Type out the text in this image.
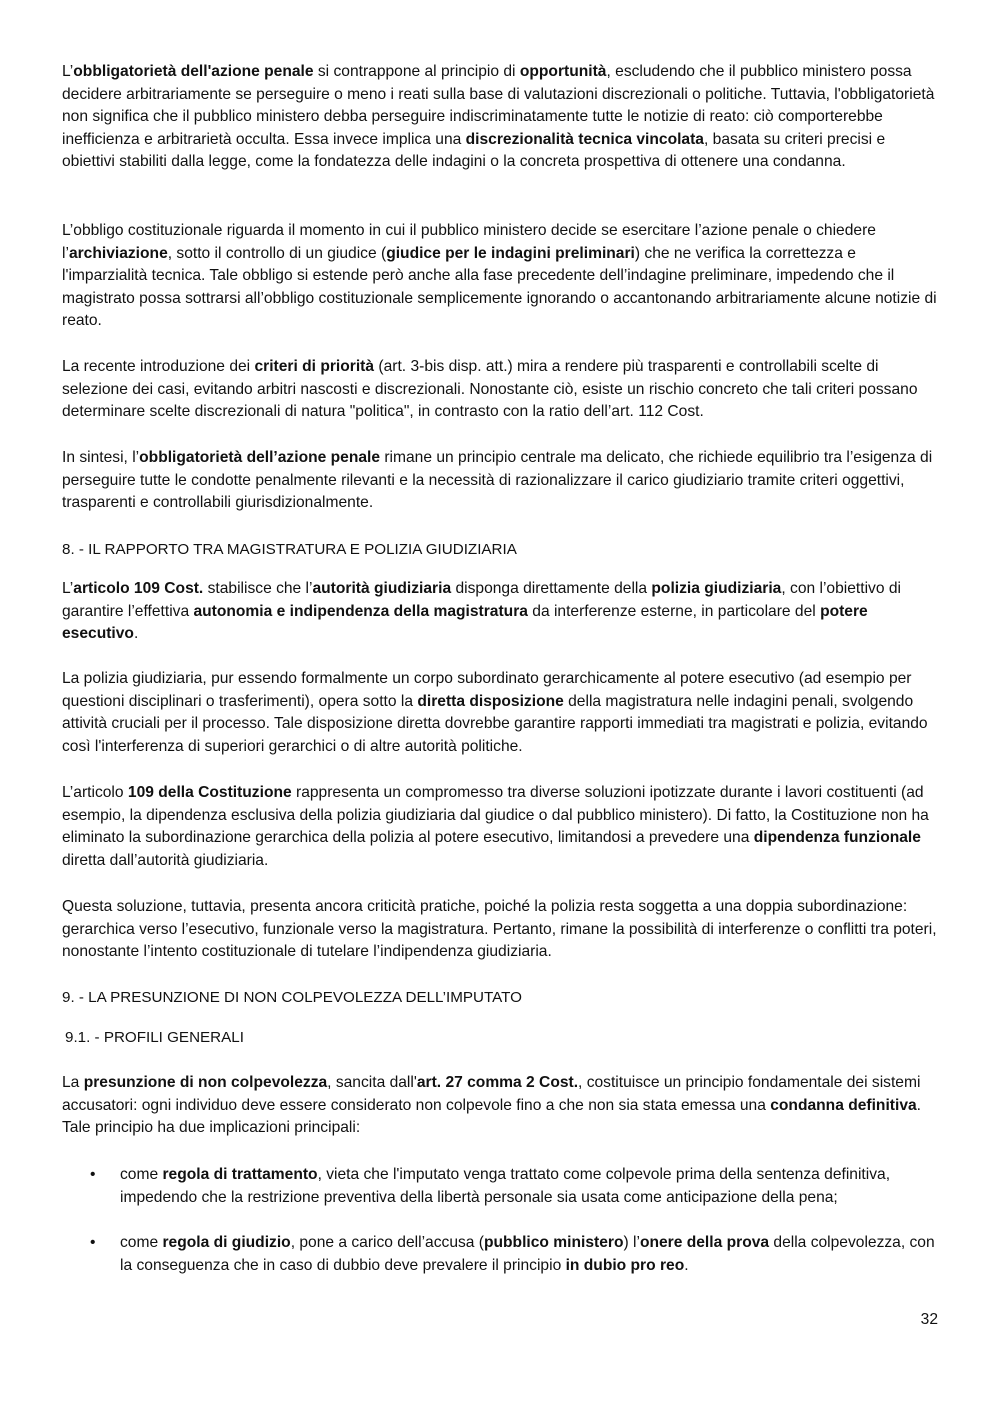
L’obbligatorietà dell'azione penale si contrappone al principio di opportunità, escludendo che il pubblico ministero possa decidere arbitrariamente se perseguire o meno i reati sulla base di valutazioni discrezionali o politiche. Tuttavia, l'obbligatorietà non significa che il pubblico ministero debba perseguire indiscriminatamente tutte le notizie di reato: ciò comporterebbe inefficienza e arbitrarietà occulta. Essa invece implica una discrezionalità tecnica vincolata, basata su criteri precisi e obiettivi stabiliti dalla legge, come la fondatezza delle indagini o la concreta prospettiva di ottenere una condanna.

L’obbligo costituzionale riguarda il momento in cui il pubblico ministero decide se esercitare l’azione penale o chiedere l’archiviazione, sotto il controllo di un giudice (giudice per le indagini preliminari) che ne verifica la correttezza e l'imparzialità tecnica. Tale obbligo si estende però anche alla fase precedente dell’indagine preliminare, impedendo che il magistrato possa sottrarsi all’obbligo costituzionale semplicemente ignorando o accantonando arbitrariamente alcune notizie di reato.

La recente introduzione dei criteri di priorità (art. 3-bis disp. att.) mira a rendere più trasparenti e controllabili scelte di selezione dei casi, evitando arbitri nascosti e discrezionali. Nonostante ciò, esiste un rischio concreto che tali criteri possano determinare scelte discrezionali di natura "politica", in contrasto con la ratio dell’art. 112 Cost.

In sintesi, l’obbligatorietà dell’azione penale rimane un principio centrale ma delicato, che richiede equilibrio tra l’esigenza di perseguire tutte le condotte penalmente rilevanti e la necessità di razionalizzare il carico giudiziario tramite criteri oggettivi, trasparenti e controllabili giurisdizionalmente.

8. - IL RAPPORTO TRA MAGISTRATURA E POLIZIA GIUDIZIARIA

L’articolo 109 Cost. stabilisce che l’autorità giudiziaria disponga direttamente della polizia giudiziaria, con l’obiettivo di garantire l’effettiva autonomia e indipendenza della magistratura da interferenze esterne, in particolare del potere esecutivo.

La polizia giudiziaria, pur essendo formalmente un corpo subordinato gerarchicamente al potere esecutivo (ad esempio per questioni disciplinari o trasferimenti), opera sotto la diretta disposizione della magistratura nelle indagini penali, svolgendo attività cruciali per il processo. Tale disposizione diretta dovrebbe garantire rapporti immediati tra magistrati e polizia, evitando così l'interferenza di superiori gerarchici o di altre autorità politiche.

L’articolo 109 della Costituzione rappresenta un compromesso tra diverse soluzioni ipotizzate durante i lavori costituenti (ad esempio, la dipendenza esclusiva della polizia giudiziaria dal giudice o dal pubblico ministero). Di fatto, la Costituzione non ha eliminato la subordinazione gerarchica della polizia al potere esecutivo, limitandosi a prevedere una dipendenza funzionale diretta dall’autorità giudiziaria.

Questa soluzione, tuttavia, presenta ancora criticità pratiche, poiché la polizia resta soggetta a una doppia subordinazione: gerarchica verso l’esecutivo, funzionale verso la magistratura. Pertanto, rimane la possibilità di interferenze o conflitti tra poteri, nonostante l’intento costituzionale di tutelare l’indipendenza giudiziaria.

9. - LA PRESUNZIONE DI NON COLPEVOLEZZA DELL’IMPUTATO
9.1. - PROFILI GENERALI

La presunzione di non colpevolezza, sancita dall'art. 27 comma 2 Cost., costituisce un principio fondamentale dei sistemi accusatori: ogni individuo deve essere considerato non colpevole fino a che non sia stata emessa una condanna definitiva. Tale principio ha due implicazioni principali:

• come regola di trattamento, vieta che l'imputato venga trattato come colpevole prima della sentenza definitiva, impedendo che la restrizione preventiva della libertà personale sia usata come anticipazione della pena;

• come regola di giudizio, pone a carico dell’accusa (pubblico ministero) l’onere della prova della colpevolezza, con la conseguenza che in caso di dubbio deve prevalere il principio in dubio pro reo.

32
